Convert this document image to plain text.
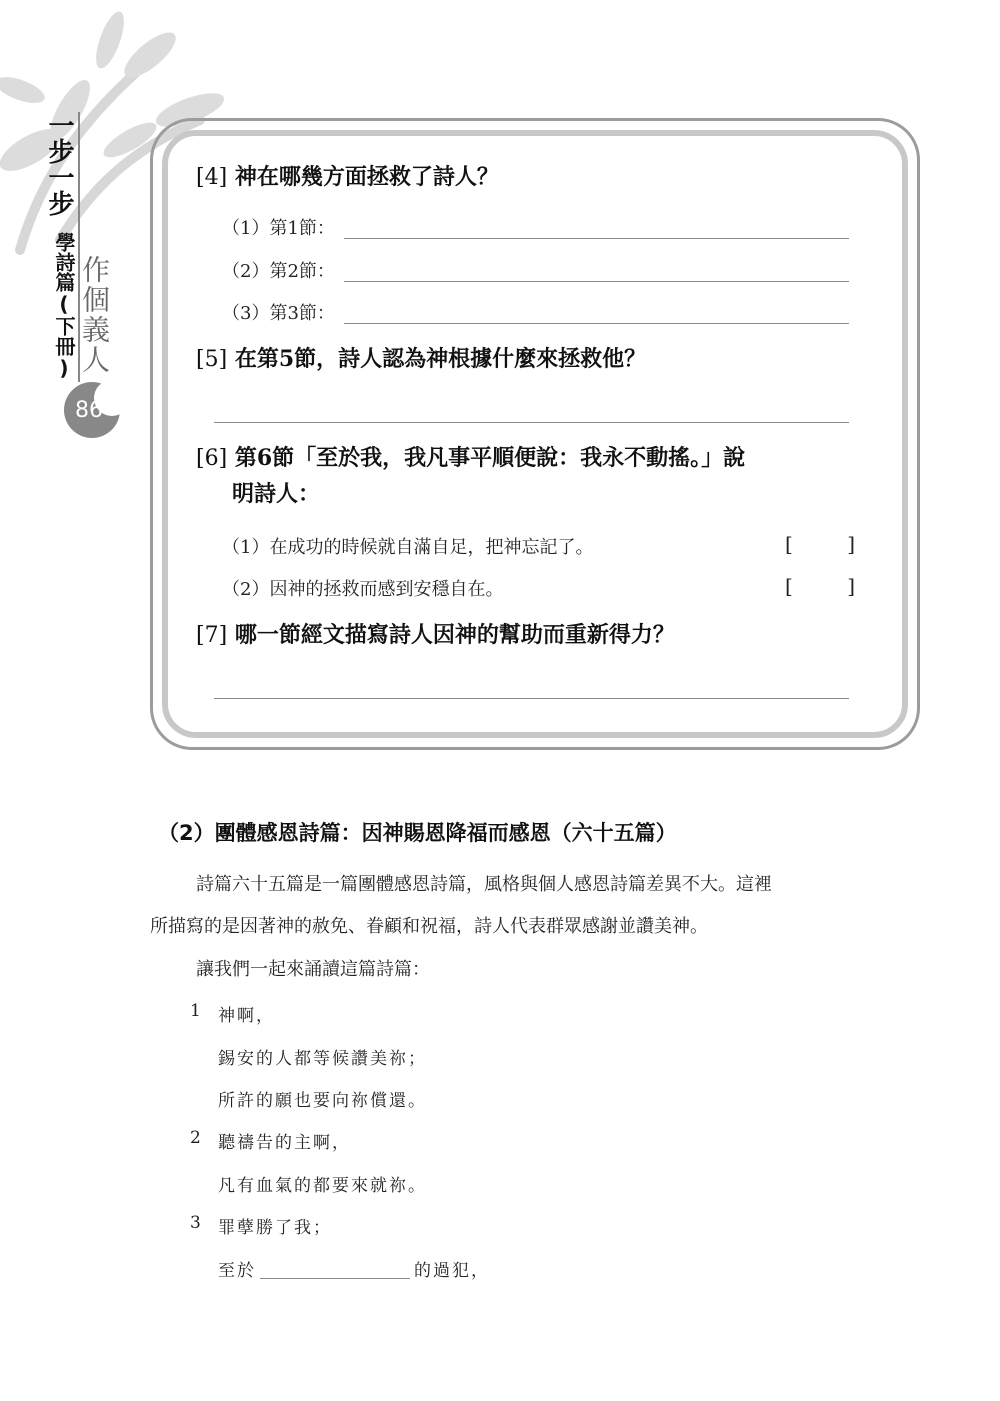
一步一步
學詩篇(下冊) 作個義人
86
[4] 神在哪幾方面拯救了詩人？
（1）第1節：
（2）第2節：
（3）第3節：
[5] 在第5節，詩人認為神根據什麼來拯救他？
[6] 第6節「至於我，我凡事平順便說：我永不動搖。」說
明詩人：
（1）在成功的時候就自滿自足，把神忘記了。	[	]
（2）因神的拯救而感到安穩自在。	[	]
[7] 哪一節經文描寫詩人因神的幫助而重新得力？
（2）團體感恩詩篇：因神賜恩降福而感恩（六十五篇）
詩篇六十五篇是一篇團體感恩詩篇，風格與個人感恩詩篇差異不大。這裡
所描寫的是因著神的赦免、眷顧和祝福，詩人代表群眾感謝並讚美神。
讓我們一起來誦讀這篇詩篇：
1 神啊，
錫安的人都等候讚美祢；
所許的願也要向祢償還。
2 聽禱告的主啊，
凡有血氣的都要來就祢。
3 罪孽勝了我；
至於	的過犯，
